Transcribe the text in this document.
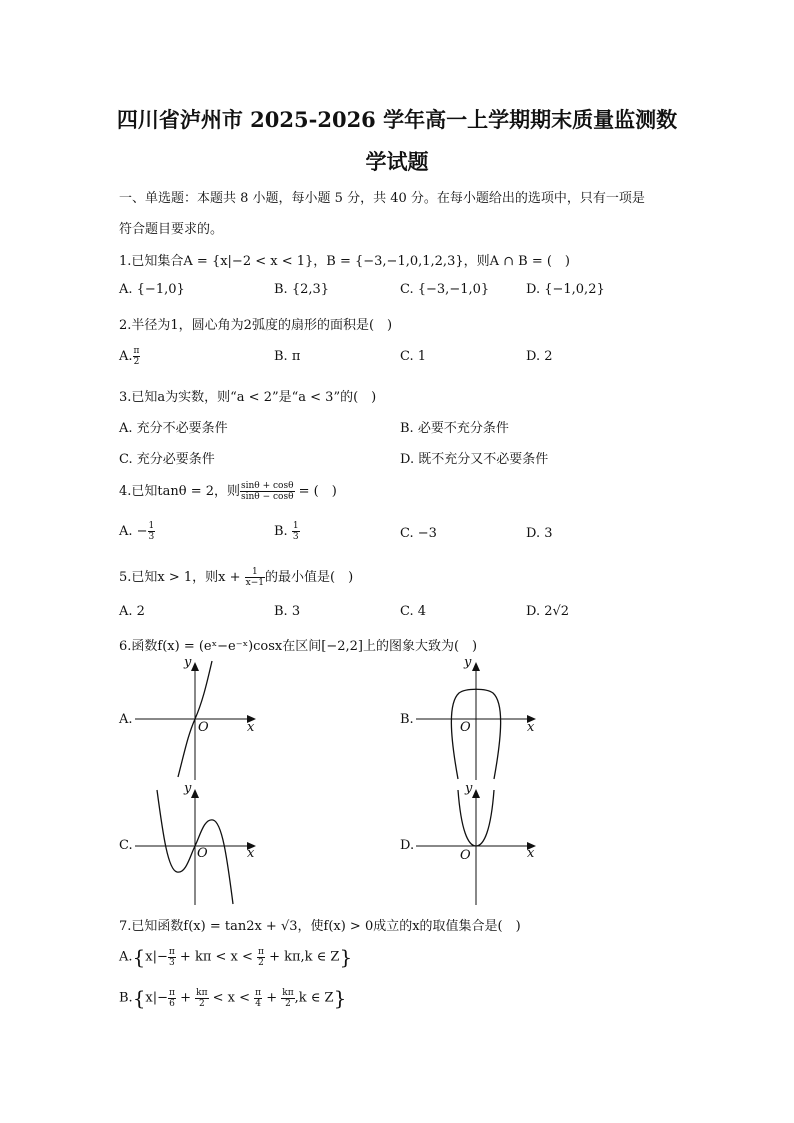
四川省泸州市 2025-2026 学年高一上学期期末质量监测数
学试题
一、单选题：本题共 8 小题，每小题 5 分，共 40 分。在每小题给出的选项中，只有一项是
符合题目要求的。
1.已知集合A = {x|−2 < x < 1}，B = {−3,−1,0,1,2,3}，则A ∩ B = (　)
A. {−1,0}	B. {2,3}	C. {−3,−1,0}	D. {−1,0,2}
2.半径为1，圆心角为2弧度的扇形的面积是(　)
A. $\frac{\pi}{2}$	B. π	C. 1	D. 2
3.已知a为实数，则“a < 2”是“a < 3”的(　)
A. 充分不必要条件	B. 必要不充分条件
C. 充分必要条件	D. 既不充分又不必要条件
4.已知tanθ = 2，则 $\frac{\sin\theta + \cos\theta}{\sin\theta - \cos\theta}$ = (　)
A. − $\frac{1}{3}$	B. $\frac{1}{3}$	C. −3	D. 3
5.已知x > 1，则$x + \frac{1}{x-1}$ 的最小值是(　)
A. 2	B. 3	C. 4	D. 2√2
6.函数f(x) = (eˣ−e⁻ˣ)cosx在区间[−2,2]上的图象大致为(　)
A.	B.
C.	D.
y
x
O
y
x
O
y
x
O
y
x
O
7.已知函数f(x) = tan2x + √3，使f(x) > 0成立的x的取值集合是(　)
$A.\{x|- \frac{\pi}{3} + k\pi < x < \frac{\pi}{2} + k\pi,k$ ∈ Z}
$B.\{x|- \frac{\pi}{6} + \frac{k\pi}{2} < x < \frac{\pi}{4} + \frac{k\pi}{2} ,k$ ∈ Z}
